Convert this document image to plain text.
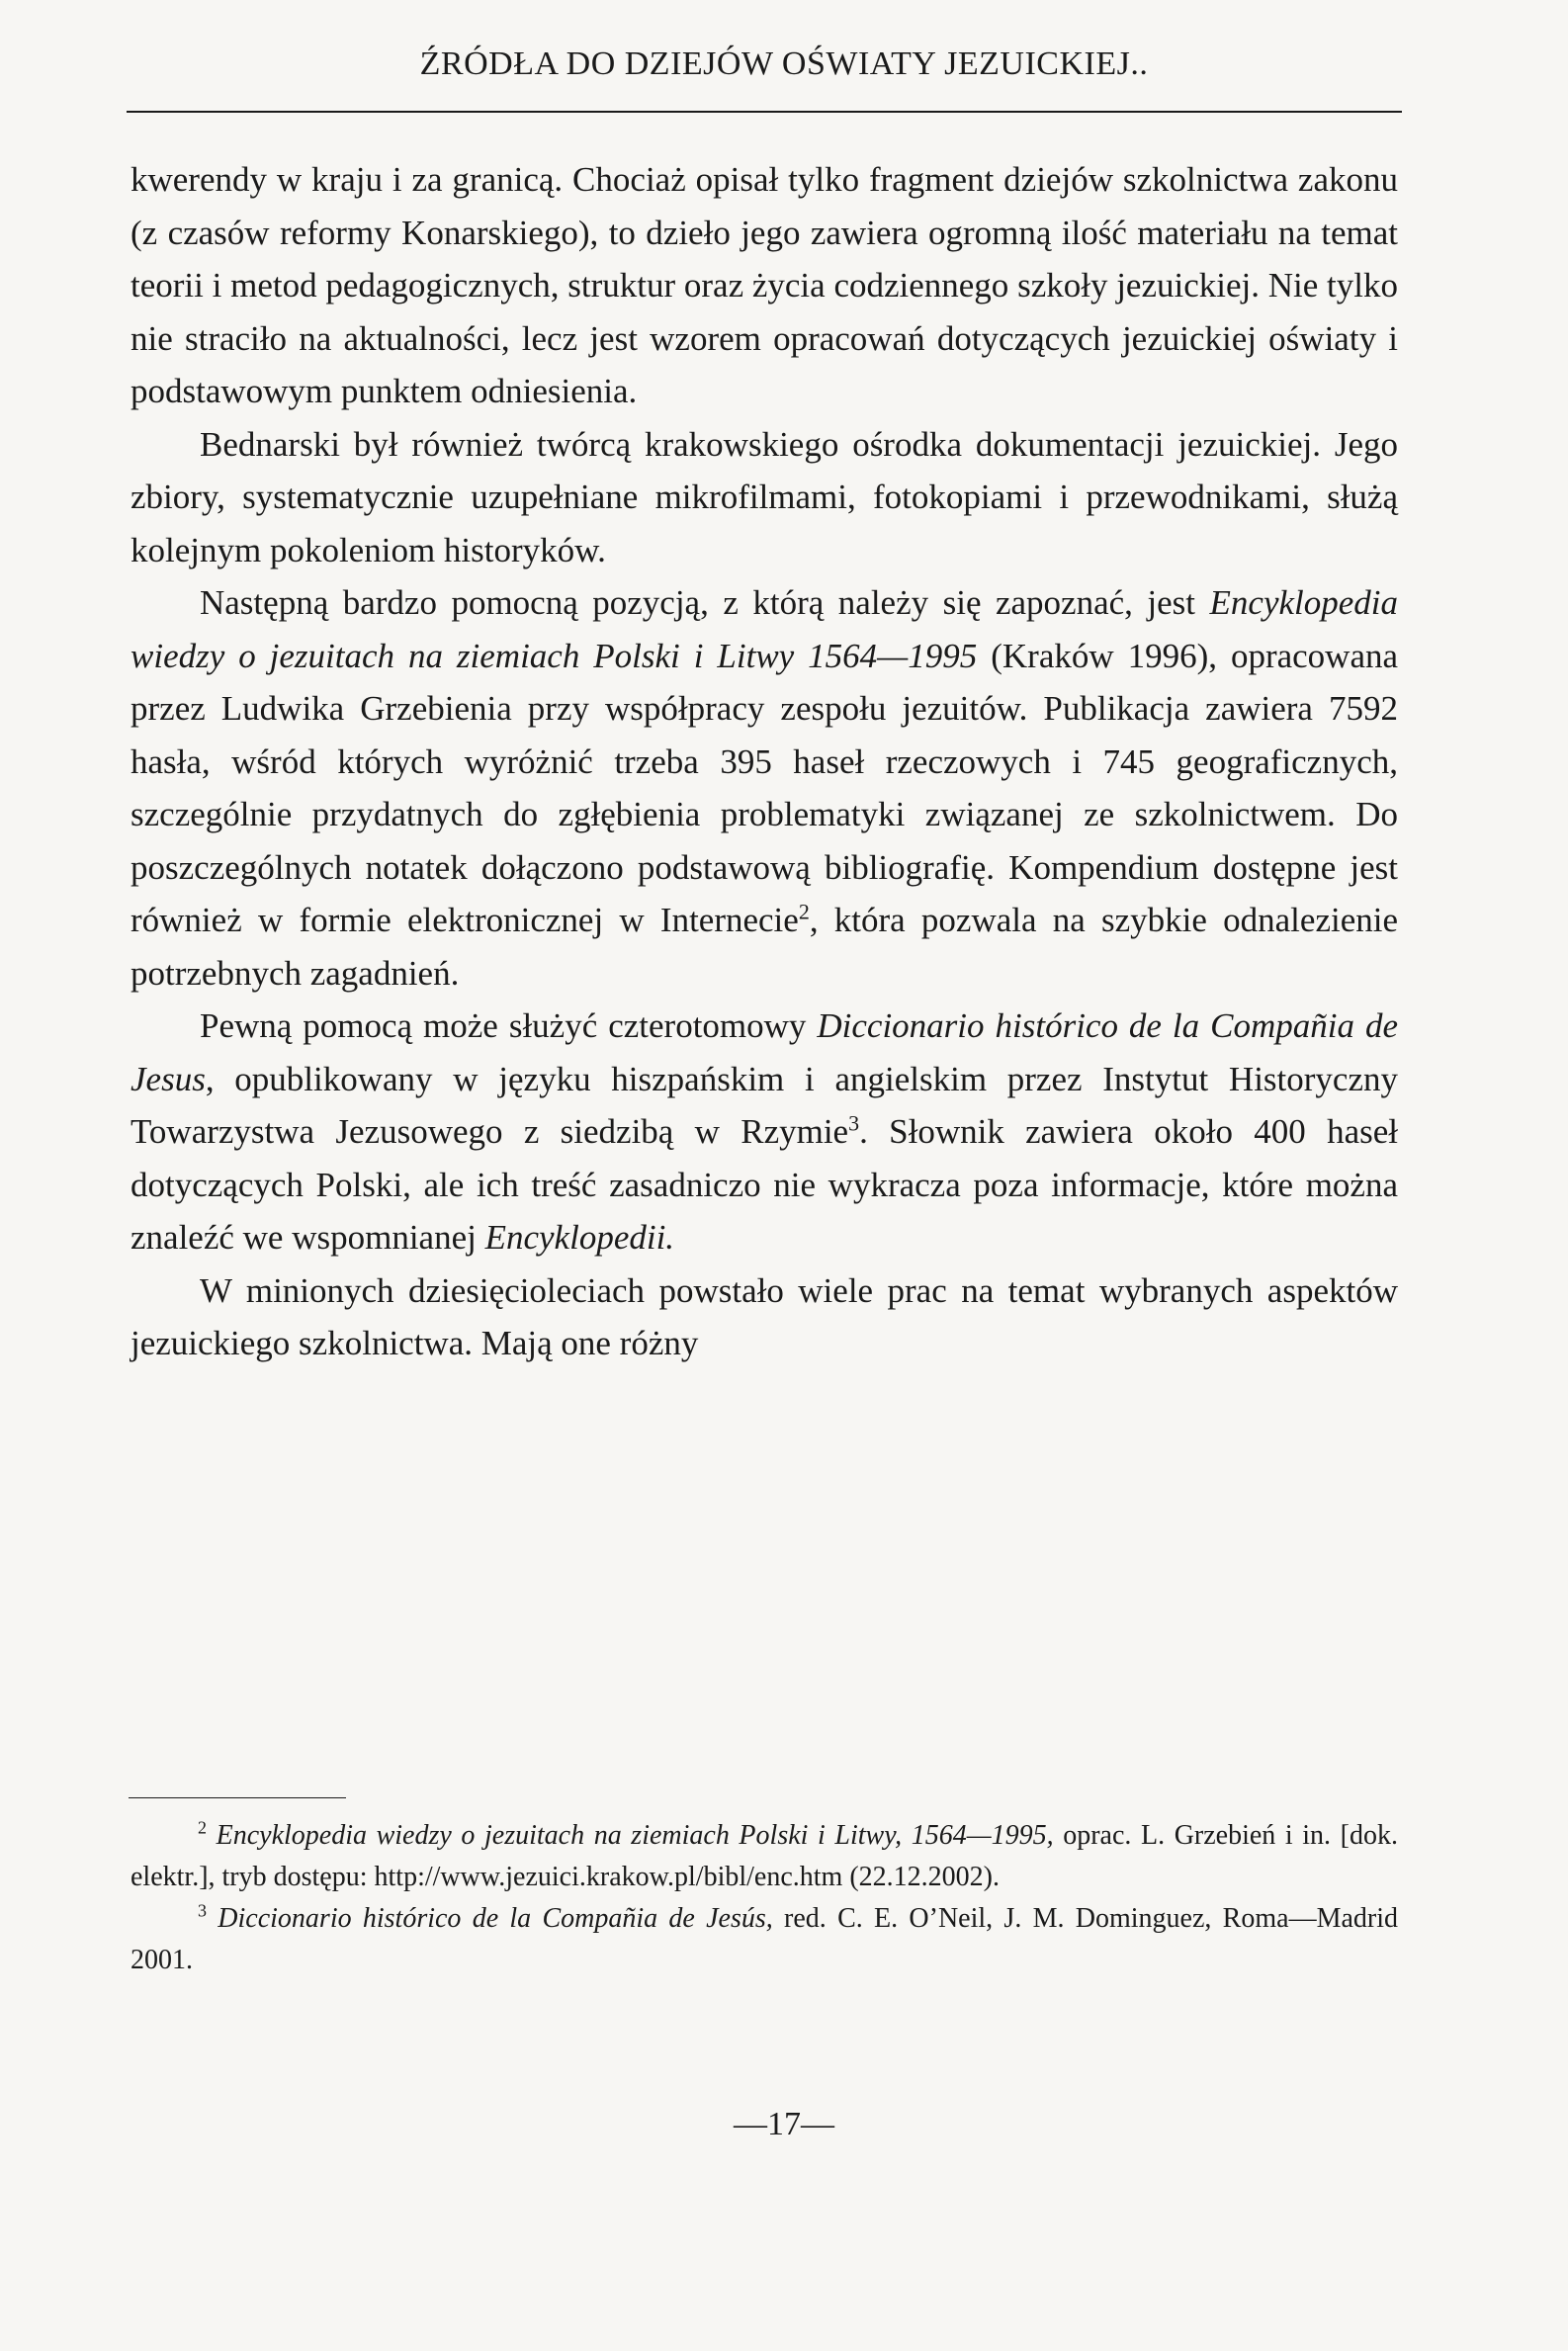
ŹRÓDŁA DO DZIEJÓW OŚWIATY JEZUICKIEJ..

kwerendy w kraju i za granicą. Chociaż opisał tylko fragment dziejów szkolnictwa zakonu (z czasów reformy Konarskiego), to dzieło jego zawiera ogromną ilość materiału na temat teorii i metod pedagogicznych, struktur oraz życia codziennego szkoły jezuickiej. Nie tylko nie straciło na aktualności, lecz jest wzorem opracowań dotyczących jezuickiej oświaty i podstawowym punktem odniesienia.

Bednarski był również twórcą krakowskiego ośrodka dokumentacji jezuickiej. Jego zbiory, systematycznie uzupełniane mikrofilmami, fotokopiami i przewodnikami, służą kolejnym pokoleniom historyków.

Następną bardzo pomocną pozycją, z którą należy się zapoznać, jest Encyklopedia wiedzy o jezuitach na ziemiach Polski i Litwy 1564—1995 (Kraków 1996), opracowana przez Ludwika Grzebienia przy współpracy zespołu jezuitów. Publikacja zawiera 7592 hasła, wśród których wyróżnić trzeba 395 haseł rzeczowych i 745 geograficznych, szczególnie przydatnych do zgłębienia problematyki związanej ze szkolnictwem. Do poszczególnych notatek dołączono podstawową bibliografię. Kompendium dostępne jest również w formie elektronicznej w Internecie$^2$, która pozwala na szybkie odnalezienie potrzebnych zagadnień.

Pewną pomocą może służyć czterotomowy Diccionario histórico de la Compañia de Jesus, opublikowany w języku hiszpańskim i angielskim przez Instytut Historyczny Towarzystwa Jezusowego z siedzibą w Rzymie$^3$. Słownik zawiera około 400 haseł dotyczących Polski, ale ich treść zasadniczo nie wykracza poza informacje, które można znaleźć we wspomnianej Encyklopedii.

W minionych dziesięcioleciach powstało wiele prac na temat wybranych aspektów jezuickiego szkolnictwa. Mają one różny

$^2$ Encyklopedia wiedzy o jezuitach na ziemiach Polski i Litwy, 1564—1995, oprac. L. Grzebień i in. [dok. elektr.], tryb dostępu: http://www.jezuici.krakow.pl/bibl/enc.htm (22.12.2002).

$^3$ Diccionario histórico de la Compañia de Jesús, red. C. E. O’Neil, J. M. Dominguez, Roma—Madrid 2001.

—17—
